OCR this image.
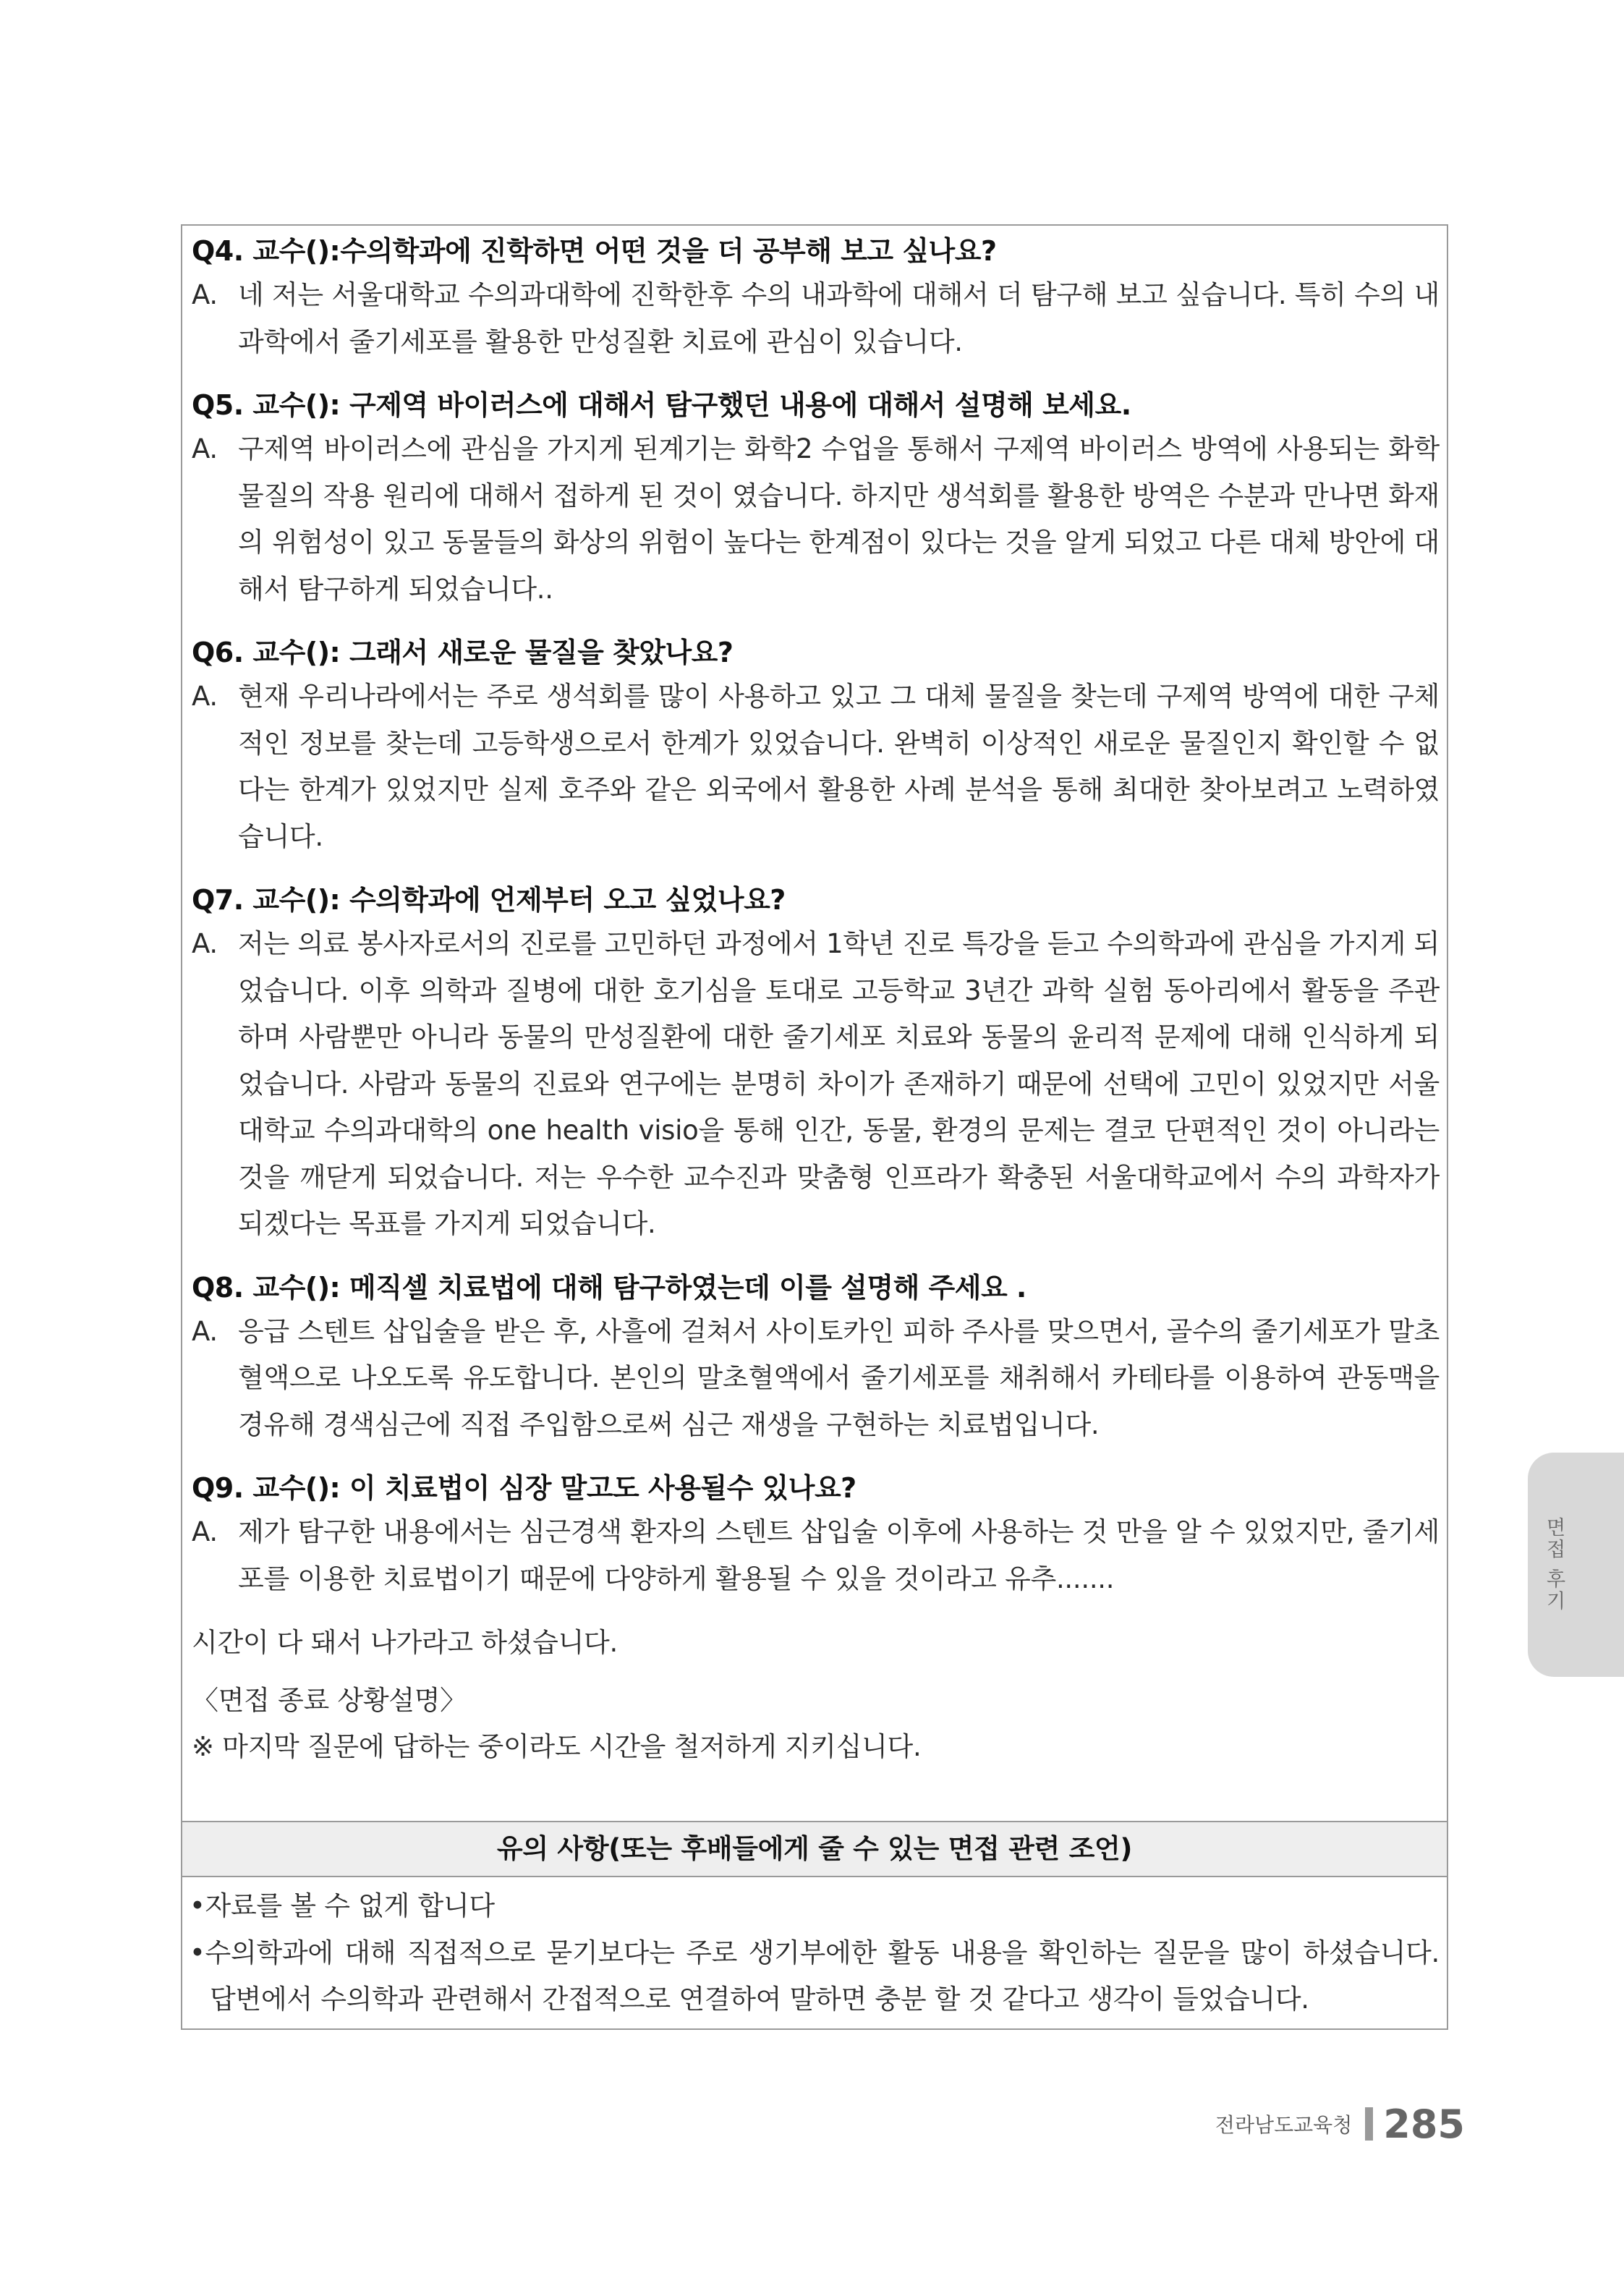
Q4. 교수():수의학과에 진학하면 어떤 것을 더 공부해 보고 싶나요?
A. 네 저는 서울대학교 수의과대학에 진학한후 수의 내과학에 대해서 더 탐구해 보고 싶습니다. 특히 수의 내과학에서 줄기세포를 활용한 만성질환 치료에 관심이 있습니다.
Q5. 교수(): 구제역 바이러스에 대해서 탐구했던 내용에 대해서 설명해 보세요.
A. 구제역 바이러스에 관심을 가지게 된계기는 화학2 수업을 통해서 구제역 바이러스 방역에 사용되는 화학물질의 작용 원리에 대해서 접하게 된 것이 였습니다. 하지만 생석회를 활용한 방역은 수분과 만나면 화재의 위험성이 있고 동물들의 화상의 위험이 높다는 한계점이 있다는 것을 알게 되었고 다른 대체 방안에 대해서 탐구하게 되었습니다..
Q6. 교수(): 그래서 새로운 물질을 찾았나요?
A. 현재 우리나라에서는 주로 생석회를 많이 사용하고 있고 그 대체 물질을 찾는데 구제역 방역에 대한 구체적인 정보를 찾는데 고등학생으로서 한계가 있었습니다. 완벽히 이상적인 새로운 물질인지 확인할 수 없다는 한계가 있었지만 실제 호주와 같은 외국에서 활용한 사례 분석을 통해 최대한 찾아보려고 노력하였습니다.
Q7. 교수(): 수의학과에 언제부터 오고 싶었나요?
A. 저는 의료 봉사자로서의 진로를 고민하던 과정에서 1학년 진로 특강을 듣고 수의학과에 관심을 가지게 되었습니다. 이후 의학과 질병에 대한 호기심을 토대로 고등학교 3년간 과학 실험 동아리에서 활동을 주관하며 사람뿐만 아니라 동물의 만성질환에 대한 줄기세포 치료와 동물의 윤리적 문제에 대해 인식하게 되었습니다. 사람과 동물의 진료와 연구에는 분명히 차이가 존재하기 때문에 선택에 고민이 있었지만 서울대학교 수의과대학의 one health visio을 통해 인간, 동물, 환경의 문제는 결코 단편적인 것이 아니라는 것을 깨닫게 되었습니다. 저는 우수한 교수진과 맞춤형 인프라가 확충된 서울대학교에서 수의 과학자가 되겠다는 목표를 가지게 되었습니다.
Q8. 교수(): 메직셀 치료법에 대해 탐구하였는데 이를 설명해 주세요 .
A. 응급 스텐트 삽입술을 받은 후, 사흘에 걸쳐서 사이토카인 피하 주사를 맞으면서, 골수의 줄기세포가 말초혈액으로 나오도록 유도합니다. 본인의 말초혈액에서 줄기세포를 채취해서 카테타를 이용하여 관동맥을 경유해 경색심근에 직접 주입함으로써 심근 재생을 구현하는 치료법입니다.
Q9. 교수(): 이 치료법이 심장 말고도 사용될수 있나요?
A. 제가 탐구한 내용에서는 심근경색 환자의 스텐트 삽입술 이후에 사용하는 것 만을 알 수 있었지만, 줄기세포를 이용한 치료법이기 때문에 다양하게 활용될 수 있을 것이라고 유추.......
시간이 다 돼서 나가라고 하셨습니다.
〈면접 종료 상황설명〉
※ 마지막 질문에 답하는 중이라도 시간을 철저하게 지키십니다.
유의 사항(또는 후배들에게 줄 수 있는 면접 관련 조언)
•자료를 볼 수 없게 합니다
•수의학과에 대해 직접적으로 묻기보다는 주로 생기부에한 활동 내용을 확인하는 질문을 많이 하셨습니다. 답변에서 수의학과 관련해서 간접적으로 연결하여 말하면 충분 할 것 같다고 생각이 들었습니다.
면접 후기
전라남도교육청 285
